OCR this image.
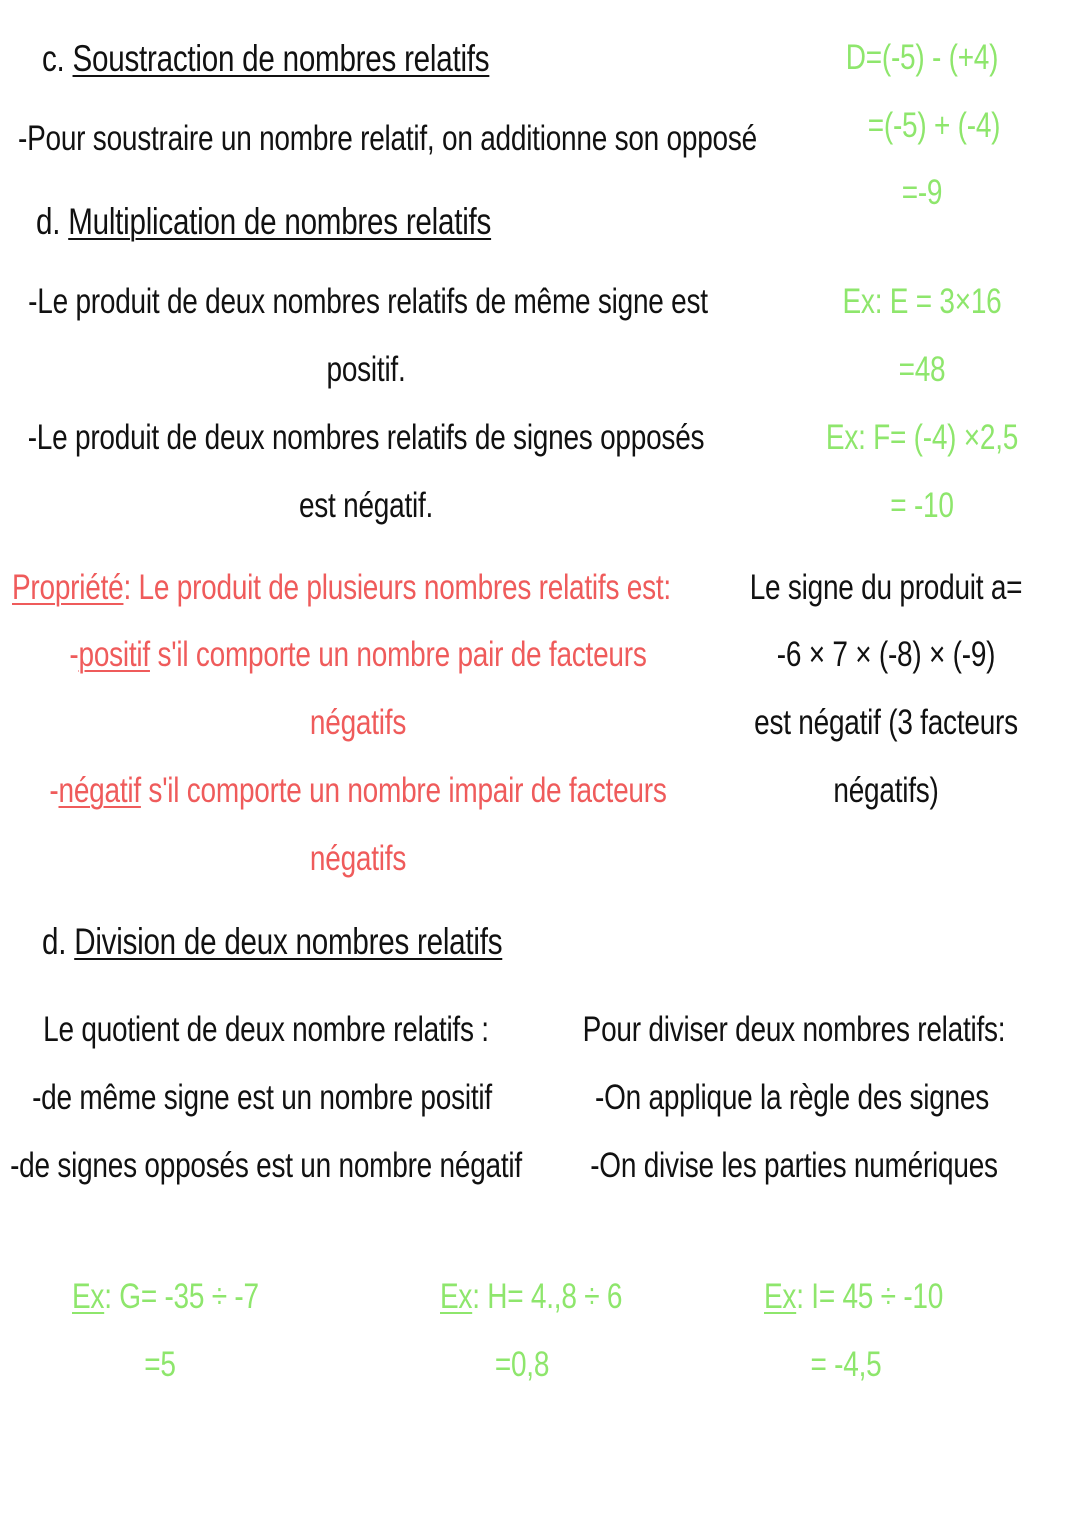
c. Soustraction de nombres relatifs
-Pour soustraire un nombre relatif, on additionne son opposé
D=(-5) - (+4)
=(-5) + (-4)
=-9
d. Multiplication de nombres relatifs
-Le produit de deux nombres relatifs de même signe est
positif.
-Le produit de deux nombres relatifs de signes opposés
est négatif.
Ex: E = 3×16
=48
Ex: F= (-4) ×2,5
= -10
Propriété: Le produit de plusieurs nombres relatifs est:
-positif s'il comporte un nombre pair de facteurs
négatifs
-négatif s'il comporte un nombre impair de facteurs
négatifs
Le signe du produit a=
-6 × 7 × (-8) × (-9)
est négatif (3 facteurs
négatifs)
d. Division de deux nombres relatifs
Le quotient de deux nombre relatifs :
-de même signe est un nombre positif
-de signes opposés est un nombre négatif
Pour diviser deux nombres relatifs:
-On applique la règle des signes
-On divise les parties numériques
Ex: G= -35 ÷ -7
=5
Ex: H= 4.,8 ÷ 6
=0,8
Ex: I= 45 ÷ -10
= -4,5
